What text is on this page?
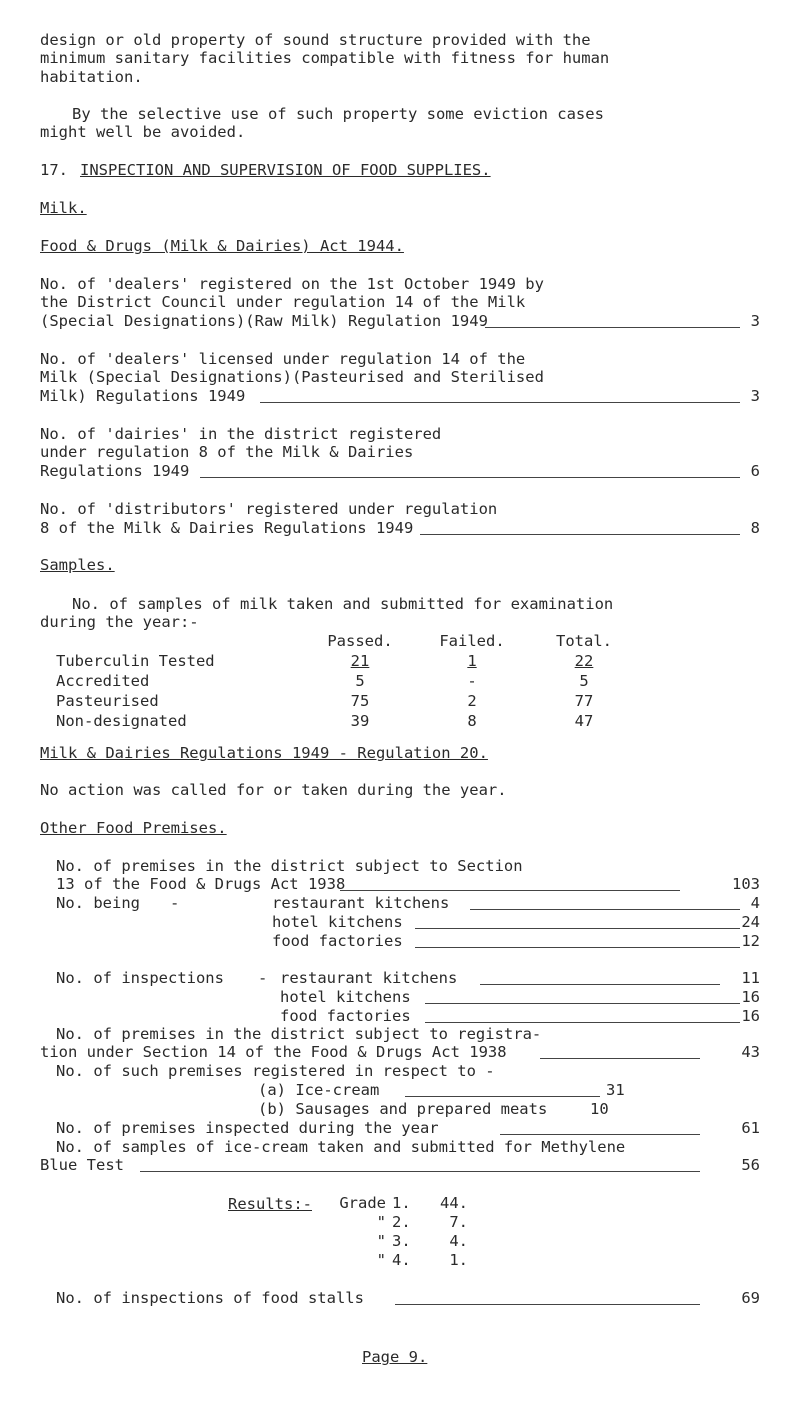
design or old property of sound structure provided with the
minimum sanitary facilities compatible with fitness for human
habitation.
By the selective use of such property some eviction cases
might well be avoided.
17. INSPECTION AND SUPERVISION OF FOOD SUPPLIES.
Milk.
Food & Drugs (Milk & Dairies) Act 1944.
No. of 'dealers' registered on the 1st October 1949 by
the District Council under regulation 14 of the Milk
(Special Designations)(Raw Milk) Regulation 1949	3
No. of 'dealers' licensed under regulation 14 of the
Milk (Special Designations)(Pasteurised and Sterilised
Milk) Regulations 1949	3
No. of 'dairies' in the district registered
under regulation 8 of the Milk & Dairies
Regulations 1949	6
No. of 'distributors' registered under regulation
8 of the Milk & Dairies Regulations 1949	8
Samples.
No. of samples of milk taken and submitted for examination
during the year:-
	Passed.	Failed.	Total.
Tuberculin Tested	21	1	22
Accredited	5	-	5
Pasteurised	75	2	77
Non-designated	39	8	47
Milk & Dairies Regulations 1949 - Regulation 20.
No action was called for or taken during the year.
Other Food Premises.
No. of premises in the district subject to Section
13 of the Food & Drugs Act 1938	103
No. being -	restaurant kitchens	4
hotel kitchens	24
food factories	12
No. of inspections - restaurant kitchens	11
hotel kitchens	16
food factories	16
No. of premises in the district subject to registra-
tion under Section 14 of the Food & Drugs Act 1938	43
No. of such premises registered in respect to -
(a) Ice-cream	31
(b) Sausages and prepared meats	10
No. of premises inspected during the year	61
No. of samples of ice-cream taken and submitted for Methylene
Blue Test	56
Results:- Grade	1.	44.
"	2.	7.
"	3.	4.
"	4.	1.
No. of inspections of food stalls	69
Page 9.
